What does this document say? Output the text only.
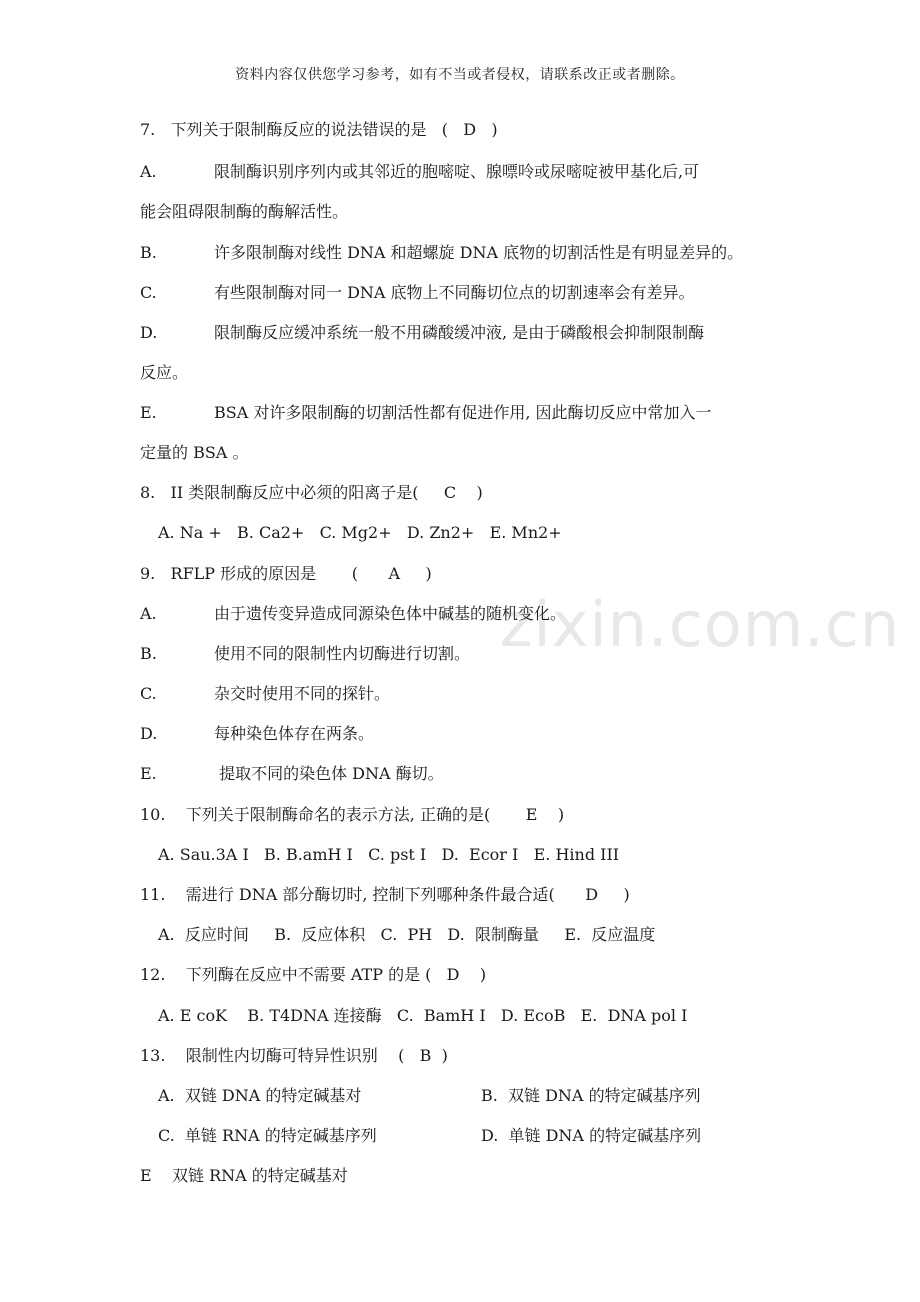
资料内容仅供您学习参考，如有不当或者侵权，请联系改正或者删除。
zixin.com.cn
7.   下列关于限制酶反应的说法错误的是   (   D   )
A.	限制酶识别序列内或其邻近的胞嘧啶、腺嘌呤或尿嘧啶被甲基化后,可
能会阻碍限制酶的酶解活性。
B.	许多限制酶对线性 DNA 和超螺旋 DNA 底物的切割活性是有明显差异的。
C.	有些限制酶对同一 DNA 底物上不同酶切位点的切割速率会有差异。
D.	限制酶反应缓冲系统一般不用磷酸缓冲液, 是由于磷酸根会抑制限制酶
反应。
E.	BSA 对许多限制酶的切割活性都有促进作用, 因此酶切反应中常加入一
定量的 BSA 。
8.   II 类限制酶反应中必须的阳离子是(     C    )
A. Na +   B. Ca2+   C. Mg2+   D. Zn2+   E. Mn2+
9.   RFLP 形成的原因是       (      A     )
A.	由于遗传变异造成同源染色体中碱基的随机变化。
B.	使用不同的限制性内切酶进行切割。
C.	杂交时使用不同的探针。
D.	每种染色体存在两条。
E.	提取不同的染色体 DNA 酶切。
10.    下列关于限制酶命名的表示方法, 正确的是(       E    )
A. Sau.3A I   B. B.amH I   C. pst I   D.  Ecor I   E. Hind III
11.    需进行 DNA 部分酶切时, 控制下列哪种条件最合适(      D     )
A.  反应时间     B.  反应体积   C.  PH   D.  限制酶量     E.  反应温度
12.    下列酶在反应中不需要 ATP 的是 (   D    )
A. E coK    B. T4DNA 连接酶   C.  BamH I   D. EcoB   E.  DNA pol I
13.    限制性内切酶可特异性识别    (   B  )
A.  双链 DNA 的特定碱基对	B.  双链 DNA 的特定碱基序列
C.  单链 RNA 的特定碱基序列	D.  单链 DNA 的特定碱基序列
E    双链 RNA 的特定碱基对
